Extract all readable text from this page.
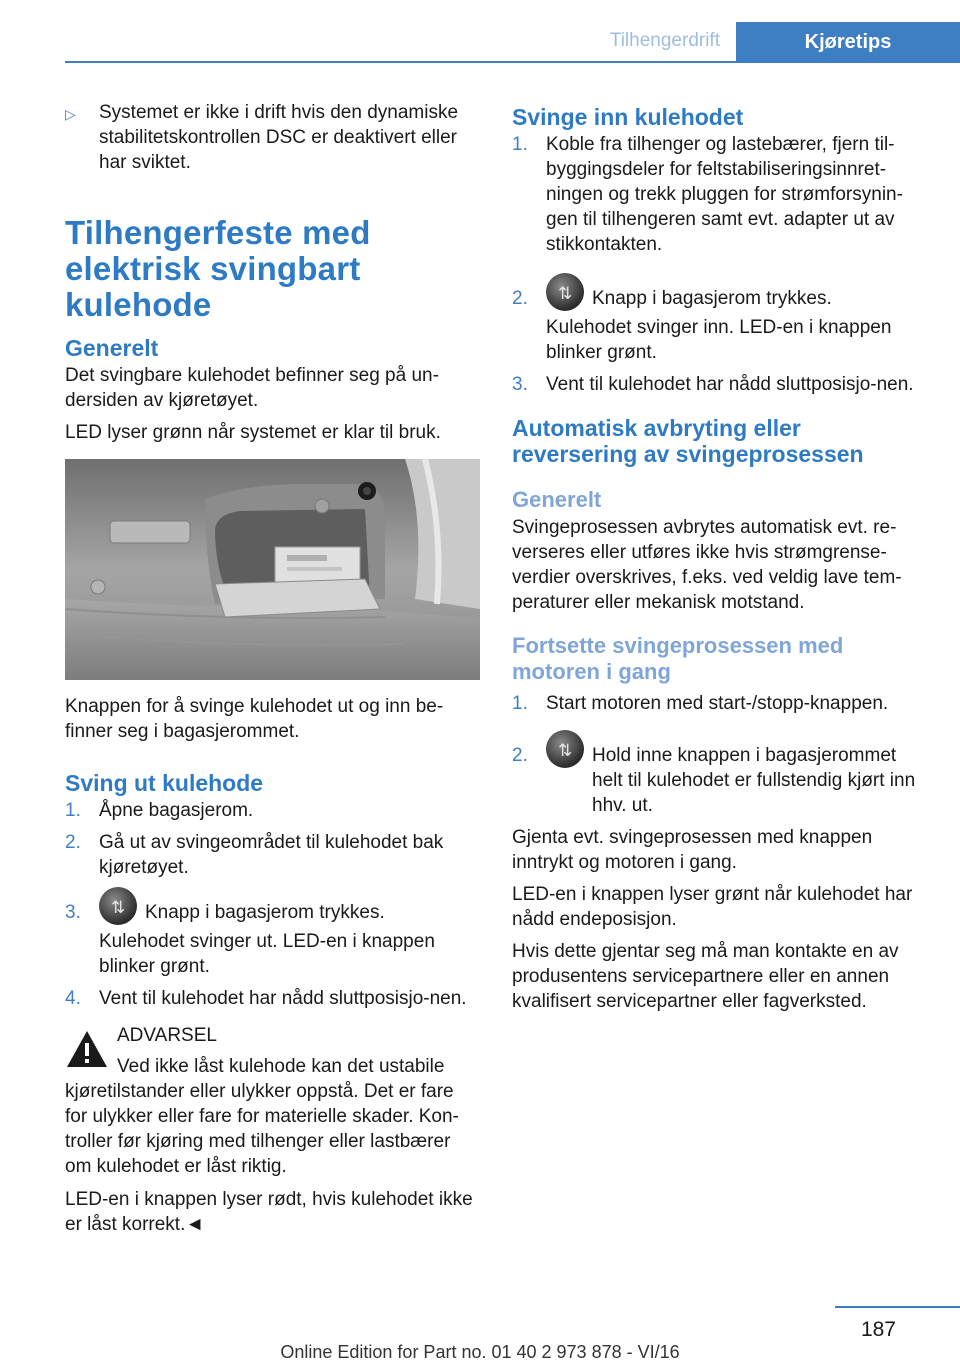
Tilhengerdrift	Kjøretips
▷	Systemet er ikke i drift hvis den dynamiske stabilitetskontrollen DSC er deaktivert eller har sviktet.
Tilhengerfeste med elektrisk svingbart kulehode
Generelt
Det svingbare kulehodet befinner seg på un-dersiden av kjøretøyet.
LED lyser grønn når systemet er klar til bruk.
Knappen for å svinge kulehodet ut og inn be-finner seg i bagasjerommet.
Sving ut kulehode
1. Åpne bagasjerom.
2. Gå ut av svingeområdet til kulehodet bak kjøretøyet.
3. ⇅	Knapp i bagasjerom trykkes.
Kulehodet svinger ut. LED-en i knappen blinker grønt.
4. Vent til kulehodet har nådd sluttposisjo-nen.
ADVARSEL
Ved ikke låst kulehode kan det ustabile kjøretilstander eller ulykker oppstå. Det er fare for ulykker eller fare for materielle skader. Kon-troller før kjøring med tilhenger eller lastbærer om kulehodet er låst riktig.
LED-en i knappen lyser rødt, hvis kulehodet ikke er låst korrekt.◄
Svinge inn kulehodet
1. Koble fra tilhenger og lastebærer, fjern til-byggingsdeler for feltstabiliseringsinnret-ningen og trekk pluggen for strømforsynin-gen til tilhengeren samt evt. adapter ut av stikkontakten.
2. ⇅	Knapp i bagasjerom trykkes.
Kulehodet svinger inn. LED-en i knappen blinker grønt.
3. Vent til kulehodet har nådd sluttposisjo-nen.
Automatisk avbryting eller reversering av svingeprosessen
Generelt
Svingeprosessen avbrytes automatisk evt. re-verseres eller utføres ikke hvis strømgrense-verdier overskrives, f.eks. ved veldig lave tem-peraturer eller mekanisk motstand.
Fortsette svingeprosessen med motoren i gang
1. Start motoren med start-/stopp-knappen.
2. ⇅	Hold inne knappen i bagasjerommet helt til kulehodet er fullstendig kjørt inn hhv. ut.
Gjenta evt. svingeprosessen med knappen inntrykt og motoren i gang.
LED-en i knappen lyser grønt når kulehodet har nådd endeposisjon.
Hvis dette gjentar seg må man kontakte en av produsentens servicepartnere eller en annen kvalifisert servicepartner eller fagverksted.
187
Online Edition for Part no. 01 40 2 973 878 - VI/16
